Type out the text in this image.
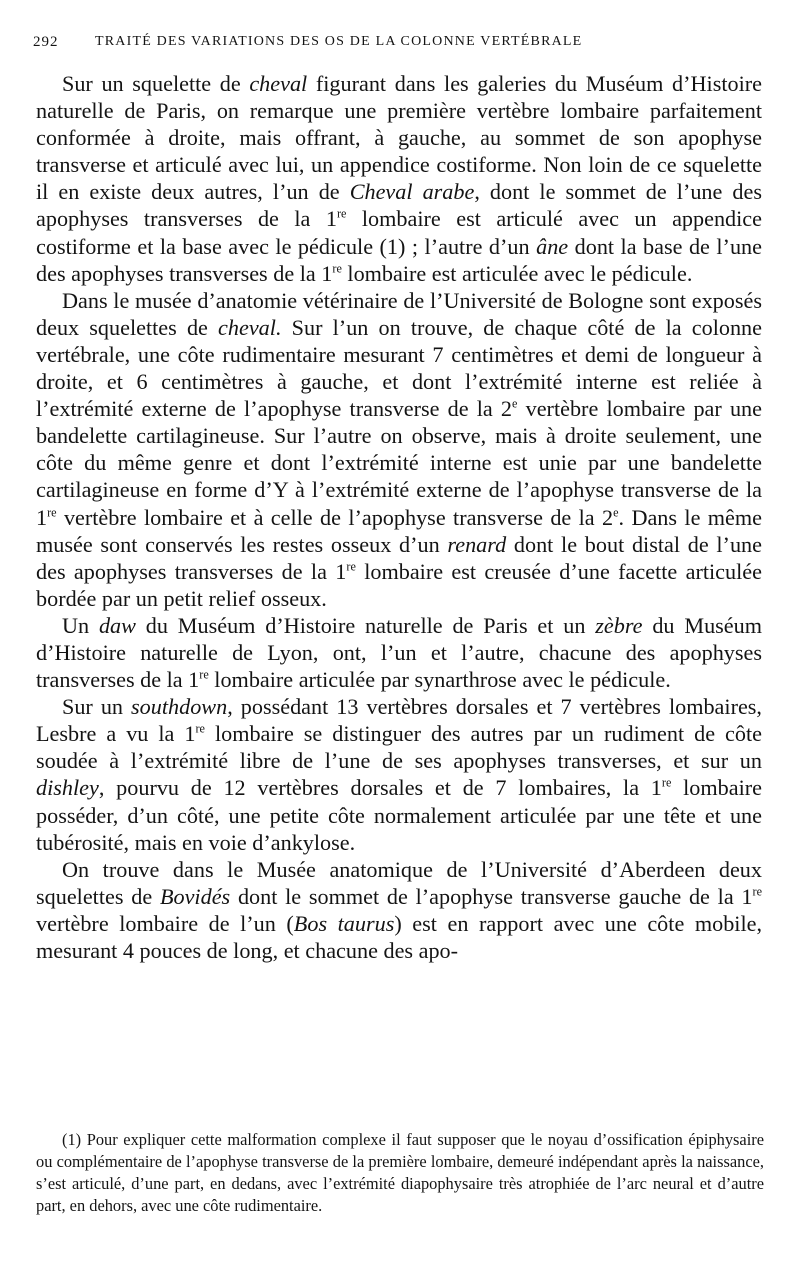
292	TRAITÉ DES VARIATIONS DES OS DE LA COLONNE VERTÉBRALE

Sur un squelette de cheval figurant dans les galeries du Muséum d’Histoire naturelle de Paris, on remarque une première vertèbre lombaire parfaitement conformée à droite, mais offrant, à gauche, au sommet de son apophyse transverse et articulé avec lui, un appendice costiforme. Non loin de ce squelette il en existe deux autres, l’un de Cheval arabe, dont le sommet de l’une des apophyses transverses de la 1re lombaire est articulé avec un appendice costiforme et la base avec le pédicule (1) ; l’autre d’un âne dont la base de l’une des apophyses transverses de la 1re lombaire est articulée avec le pédicule.

Dans le musée d’anatomie vétérinaire de l’Université de Bologne sont exposés deux squelettes de cheval. Sur l’un on trouve, de chaque côté de la colonne vertébrale, une côte rudimentaire mesurant 7 centimètres et demi de longueur à droite, et 6 centimètres à gauche, et dont l’extrémité interne est reliée à l’extrémité externe de l’apophyse transverse de la 2e vertèbre lombaire par une bandelette cartilagineuse. Sur l’autre on observe, mais à droite seulement, une côte du même genre et dont l’extrémité interne est unie par une bandelette cartilagineuse en forme d’Y à l’extrémité externe de l’apophyse transverse de la 1re vertèbre lombaire et à celle de l’apophyse transverse de la 2e. Dans le même musée sont conservés les restes osseux d’un renard dont le bout distal de l’une des apophyses transverses de la 1re lombaire est creusée d’une facette articulée bordée par un petit relief osseux.

Un daw du Muséum d’Histoire naturelle de Paris et un zèbre du Muséum d’Histoire naturelle de Lyon, ont, l’un et l’autre, chacune des apophyses transverses de la 1re lombaire articulée par synarthrose avec le pédicule.

Sur un southdown, possédant 13 vertèbres dorsales et 7 vertèbres lombaires, Lesbre a vu la 1re lombaire se distinguer des autres par un rudiment de côte soudée à l’extrémité libre de l’une de ses apophyses transverses, et sur un dishley, pourvu de 12 vertèbres dorsales et de 7 lombaires, la 1re lombaire posséder, d’un côté, une petite côte normalement articulée par une tête et une tubérosité, mais en voie d’ankylose.

On trouve dans le Musée anatomique de l’Université d’Aberdeen deux squelettes de Bovidés dont le sommet de l’apophyse transverse gauche de la 1re vertèbre lombaire de l’un (Bos taurus) est en rapport avec une côte mobile, mesurant 4 pouces de long, et chacune des apo-

(1) Pour expliquer cette malformation complexe il faut supposer que le noyau d’ossification épiphysaire ou complémentaire de l’apophyse transverse de la première lombaire, demeuré indépendant après la naissance, s’est articulé, d’une part, en dedans, avec l’extrémité diapophysaire très atrophiée de l’arc neural et d’autre part, en dehors, avec une côte rudimentaire.
